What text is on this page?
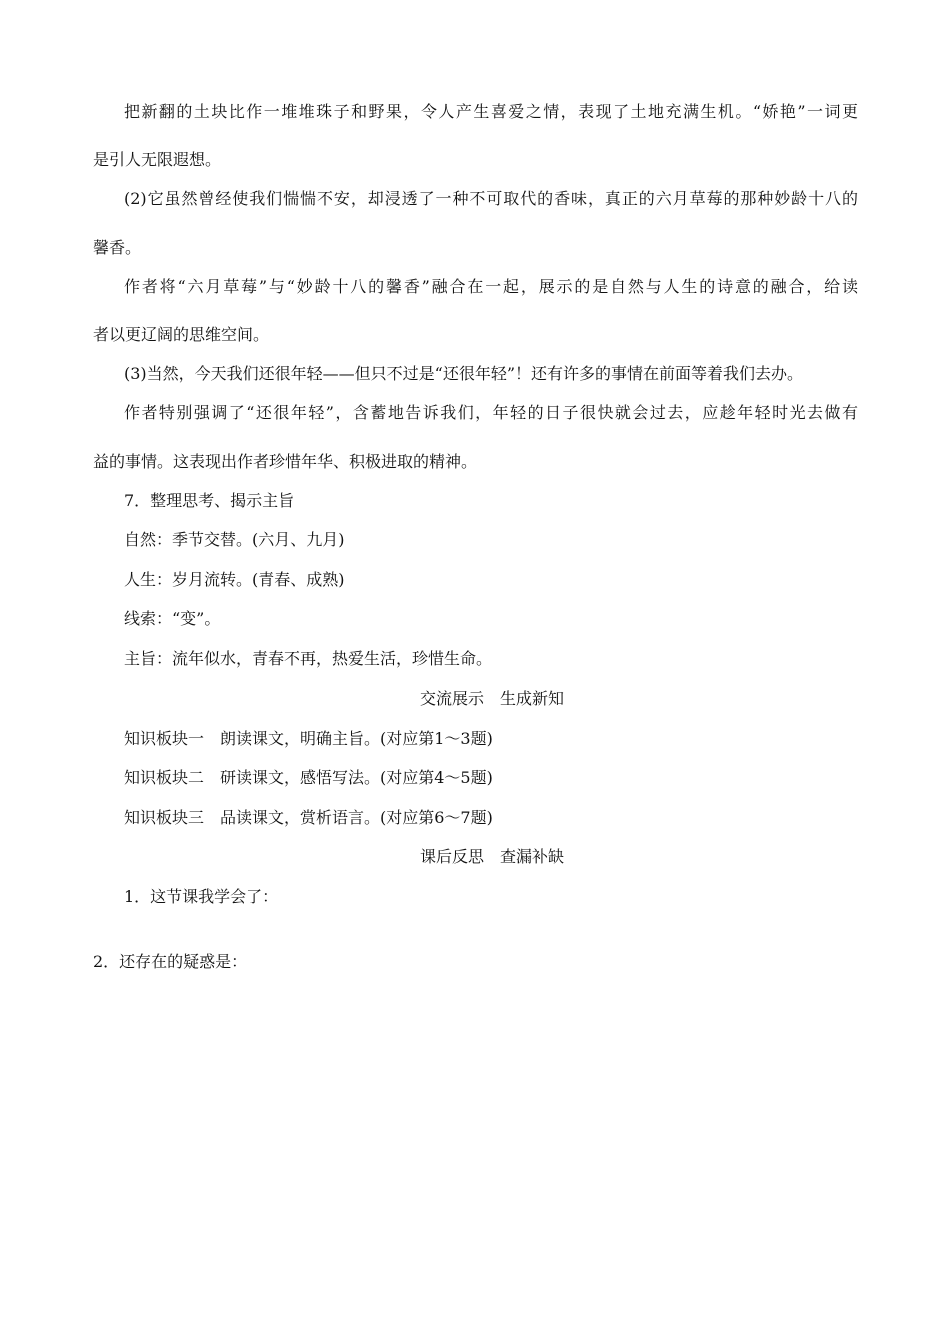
把新翻的土块比作一堆堆珠子和野果，令人产生喜爱之情，表现了土地充满生机。“娇艳”一词更
是引人无限遐想。
(2)它虽然曾经使我们惴惴不安，却浸透了一种不可取代的香味，真正的六月草莓的那种妙龄十八的
馨香。
作者将“六月草莓”与“妙龄十八的馨香”融合在一起，展示的是自然与人生的诗意的融合，给读
者以更辽阔的思维空间。
(3)当然，今天我们还很年轻——但只不过是“还很年轻”！还有许多的事情在前面等着我们去办。
作者特别强调了“还很年轻”，含蓄地告诉我们，年轻的日子很快就会过去，应趁年轻时光去做有
益的事情。这表现出作者珍惜年华、积极进取的精神。
7．整理思考、揭示主旨
自然：季节交替。(六月、九月)
人生：岁月流转。(青春、成熟)
线索：“变”。
主旨：流年似水，青春不再，热爱生活，珍惜生命。
交流展示　生成新知
知识板块一　朗读课文，明确主旨。(对应第1～3题)
知识板块二　研读课文，感悟写法。(对应第4～5题)
知识板块三　品读课文，赏析语言。(对应第6～7题)
课后反思　查漏补缺
1．这节课我学会了：
2．还存在的疑惑是：
